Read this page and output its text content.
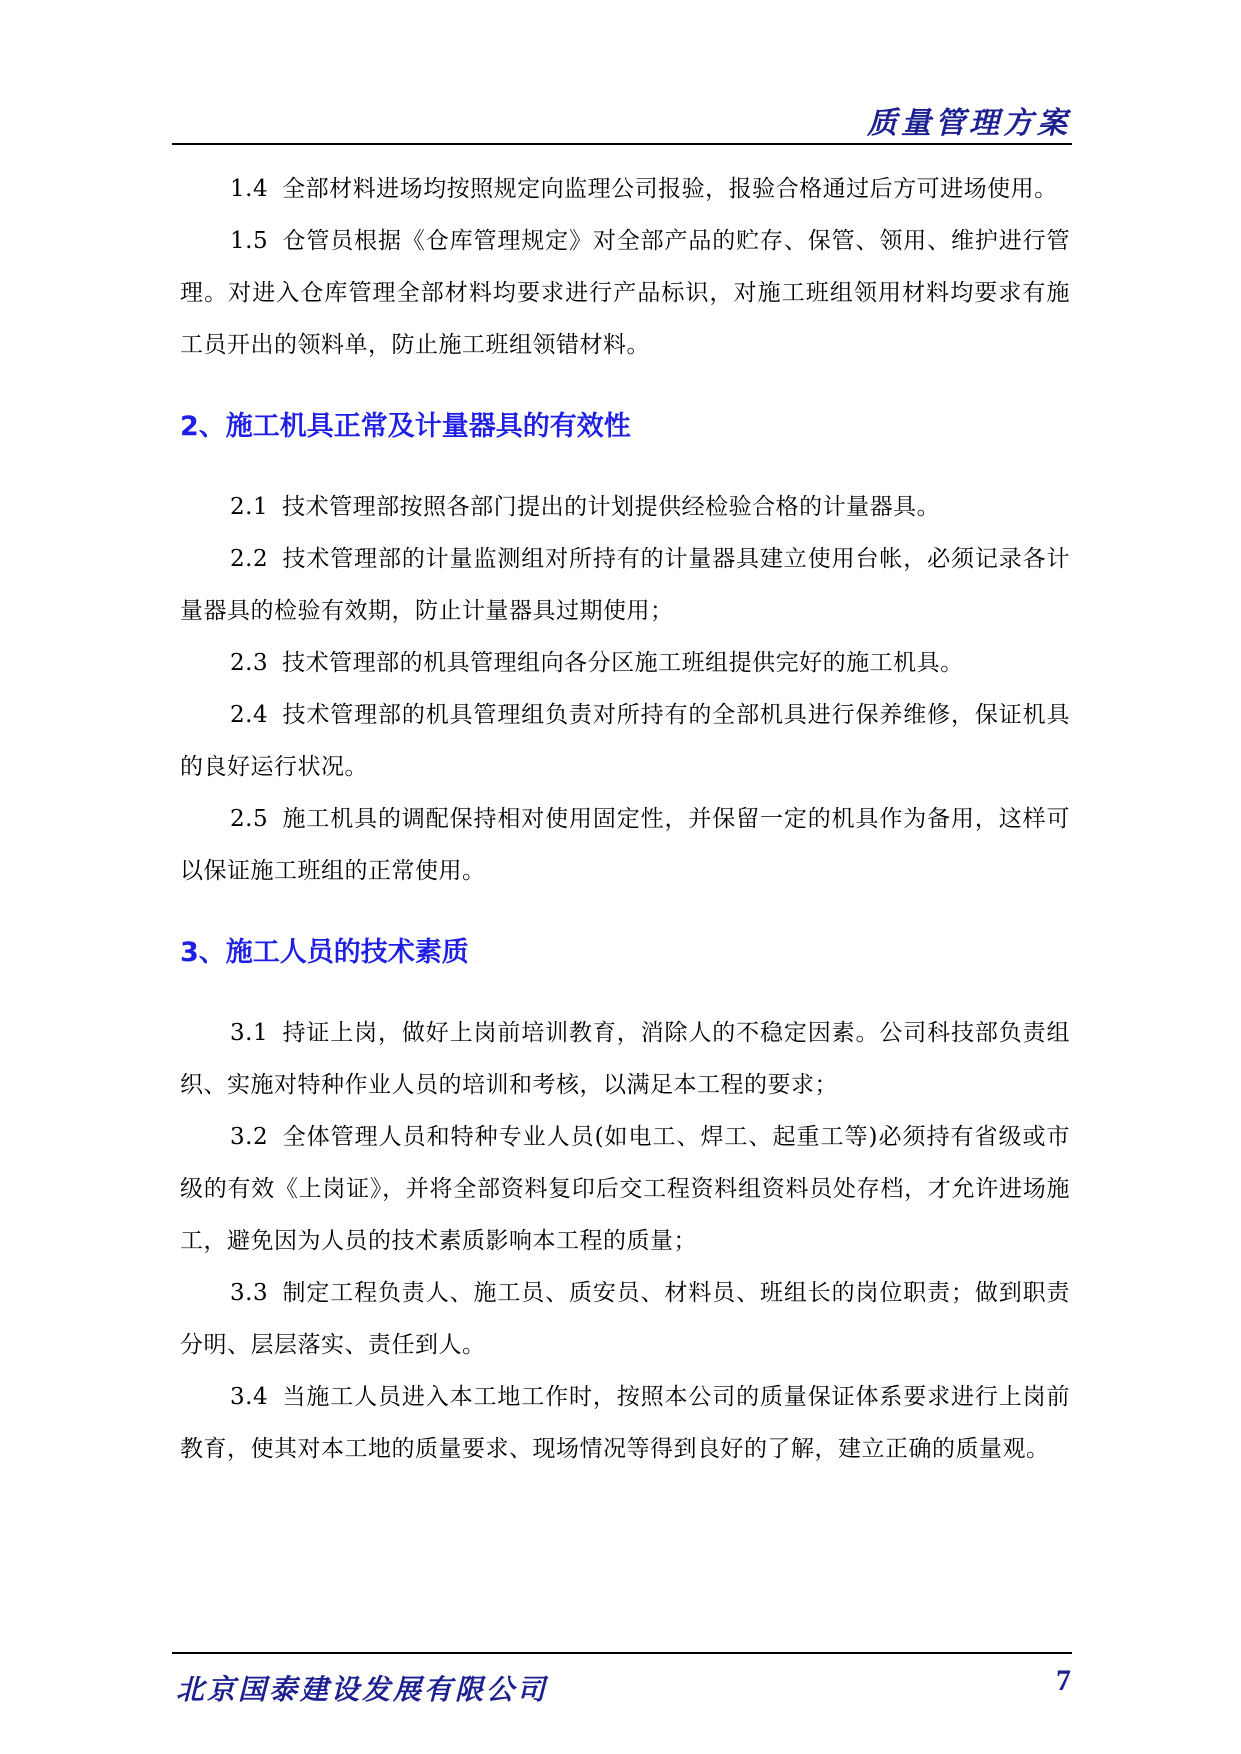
质量管理方案

1.4 全部材料进场均按照规定向监理公司报验，报验合格通过后方可进场使用。

1.5 仓管员根据《仓库管理规定》对全部产品的贮存、保管、领用、维护进行管理。对进入仓库管理全部材料均要求进行产品标识，对施工班组领用材料均要求有施工员开出的领料单，防止施工班组领错材料。

2、施工机具正常及计量器具的有效性

2.1 技术管理部按照各部门提出的计划提供经检验合格的计量器具。

2.2 技术管理部的计量监测组对所持有的计量器具建立使用台帐，必须记录各计量器具的检验有效期，防止计量器具过期使用；

2.3 技术管理部的机具管理组向各分区施工班组提供完好的施工机具。

2.4 技术管理部的机具管理组负责对所持有的全部机具进行保养维修，保证机具的良好运行状况。

2.5 施工机具的调配保持相对使用固定性，并保留一定的机具作为备用，这样可以保证施工班组的正常使用。

3、施工人员的技术素质

3.1 持证上岗，做好上岗前培训教育，消除人的不稳定因素。公司科技部负责组织、实施对特种作业人员的培训和考核，以满足本工程的要求；

3.2 全体管理人员和特种专业人员(如电工、焊工、起重工等)必须持有省级或市级的有效《上岗证》，并将全部资料复印后交工程资料组资料员处存档，才允许进场施工，避免因为人员的技术素质影响本工程的质量；

3.3 制定工程负责人、施工员、质安员、材料员、班组长的岗位职责；做到职责分明、层层落实、责任到人。

3.4 当施工人员进入本工地工作时，按照本公司的质量保证体系要求进行上岗前教育，使其对本工地的质量要求、现场情况等得到良好的了解，建立正确的质量观。

北京国泰建设发展有限公司	7
